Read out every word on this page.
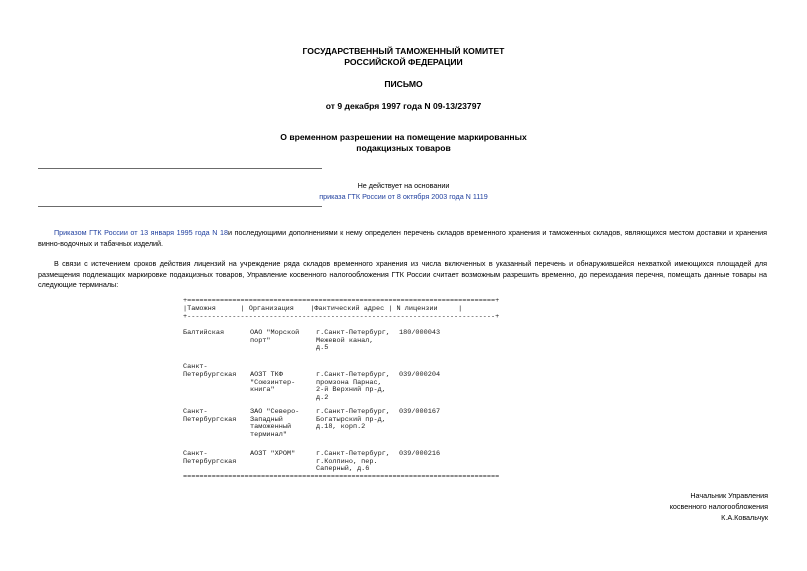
ГОСУДАРСТВЕННЫЙ ТАМОЖЕННЫЙ КОМИТЕТ
РОССИЙСКОЙ ФЕДЕРАЦИИ
ПИСЬМО
от 9 декабря 1997 года N 09-13/23797
О временном разрешении на помещение маркированных
подакцизных товаров
Не действует на основании
приказа ГТК России от 8 октября 2003 года N 1119
Приказом ГТК России от 13 января 1995 года N 18и последующими дополнениями к нему определен перечень складов временного хранения и таможенных складов, являющихся местом доставки и хранения винно-водочных и табачных изделий.
В связи с истечением сроков действия лицензий на учреждение ряда складов временного хранения из числа включенных в указанный перечень и обнаружившейся нехваткой имеющихся площадей для размещения подлежащих маркировке подакцизных товаров, Управление косвенного налогообложения ГТК России считает возможным разрешить временно, до переиздания перечня, помещать данные товары на следующие терминалы:
+===========================================================================+
|Таможня      | Организация    |Фактический адрес | N лицензии     |
+---------------------------------------------------------------------------+
Балтийская	ОАО "Морской
порт"
г.Санкт-Петербург,
Межевой канал,
д.5
180/000043
Санкт-
Петербургская АОЗТ ТКФ
"Союзинтер-
книга"
г.Санкт-Петербург,
промзона Парнас,
2-й Верхний пр-д,
д.2
039/000204
Санкт-
Петербургская
ЗАО "Северо-
Западный
таможенный
терминал"
г.Санкт-Петербург,
Богатырский пр-д,
д.18, корп.2
039/000167
Санкт-
Петербургская
АОЗТ "ХРОМ"	г.Санкт-Петербург,
г.Колпино, пер.
Саперный, д.6
039/000216
=============================================================================
Начальник Управления
косвенного налогообложения
К.А.Ковальчук
